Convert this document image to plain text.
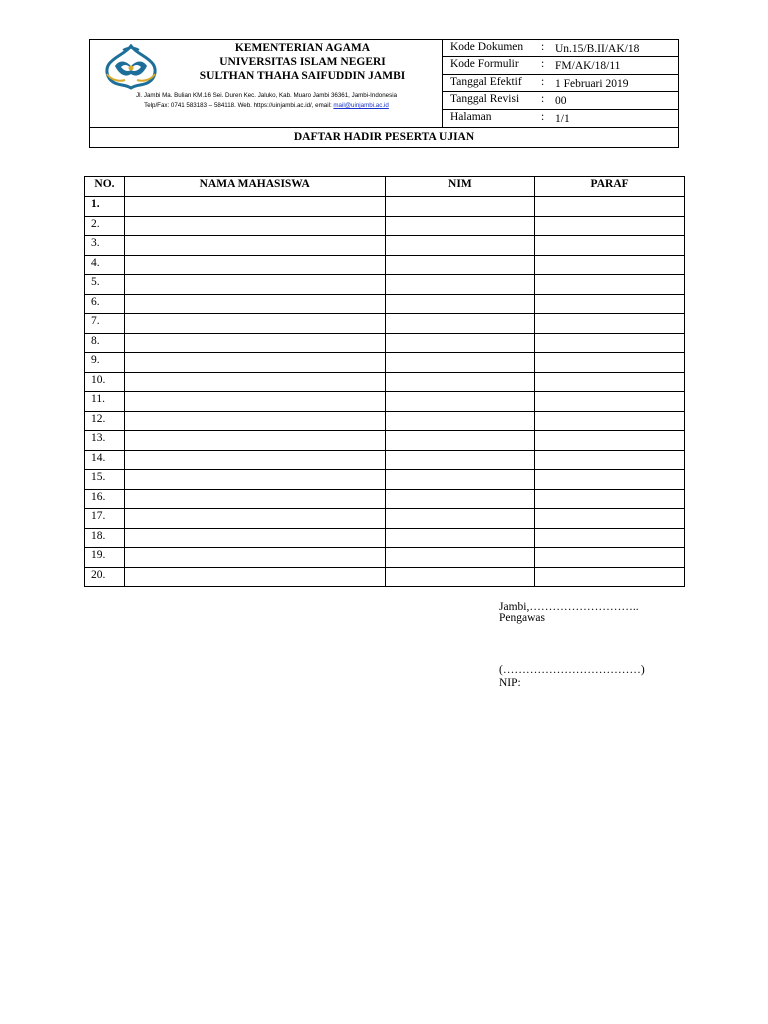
KEMENTERIAN AGAMA
UNIVERSITAS ISLAM NEGERI
SULTHAN THAHA SAIFUDDIN JAMBI
Jl. Jambi Ma. Bulian KM.16 Sei. Duren Kec. Jaluko, Kab. Muaro Jambi 36361, Jambi-Indonesia
Telp/Fax: 0741 583183 – 584118. Web. https://uinjambi.ac.id/, email: mail@uinjambi.ac.id
Kode Dokumen : Un.15/B.II/AK/18
Kode Formulir : FM/AK/18/11
Tanggal Efektif : 1 Februari 2019
Tanggal Revisi : 00
Halaman	: 1/1
DAFTAR HADIR PESERTA UJIAN
NO.	NAMA MAHASISWA	NIM	PARAF
1.			
2.			
3.			
4.			
5.			
6.			
7.			
8.			
9.			
10.			
11.			
12.			
13.			
14.			
15.			
16.			
17.			
18.			
19.			
20.			
Jambi,………………………..
Pengawas
(………………………………)
NIP:
